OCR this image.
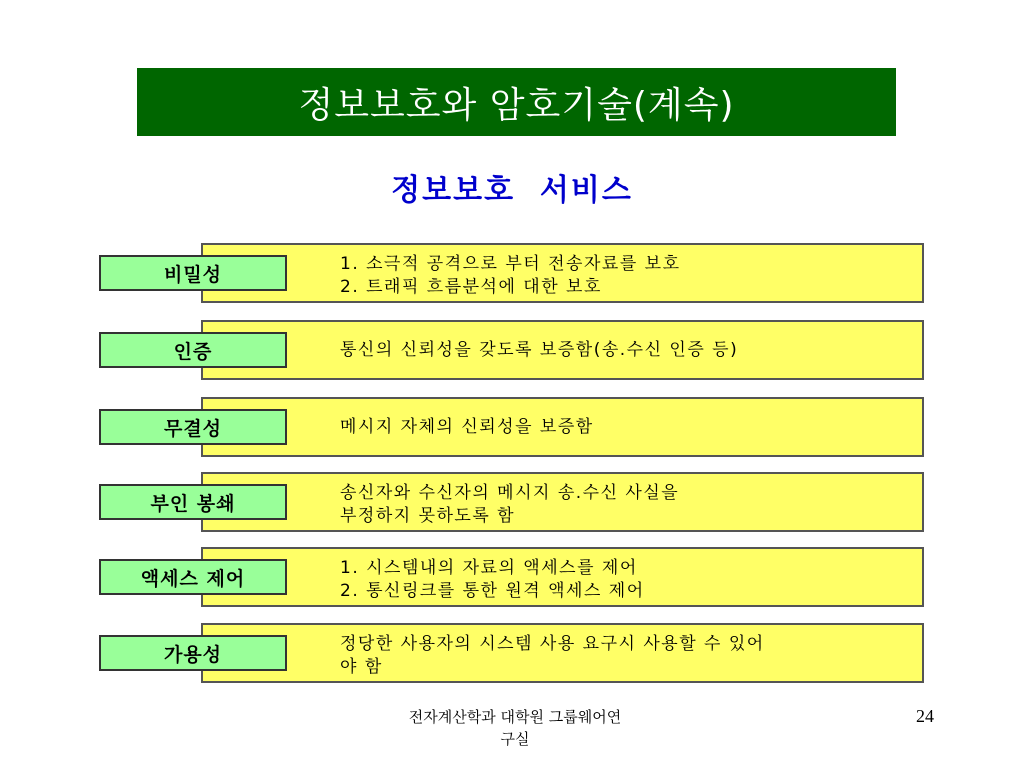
정보보호와 암호기술(계속)
정보보호  서비스
1. 소극적 공격으로 부터 전송자료를 보호
2. 트래픽 흐름분석에 대한 보호
비밀성
통신의 신뢰성을 갖도록 보증함(송.수신 인증 등)
인증
메시지 자체의 신뢰성을 보증함
무결성
송신자와 수신자의 메시지 송.수신 사실을
부정하지 못하도록 함
부인 봉쇄
1. 시스템내의 자료의 액세스를 제어
2. 통신링크를 통한 원격 액세스 제어
액세스 제어
정당한 사용자의 시스템 사용 요구시 사용할 수 있어
야 함
가용성
전자계산학과 대학원 그룹웨어연
구실
24
